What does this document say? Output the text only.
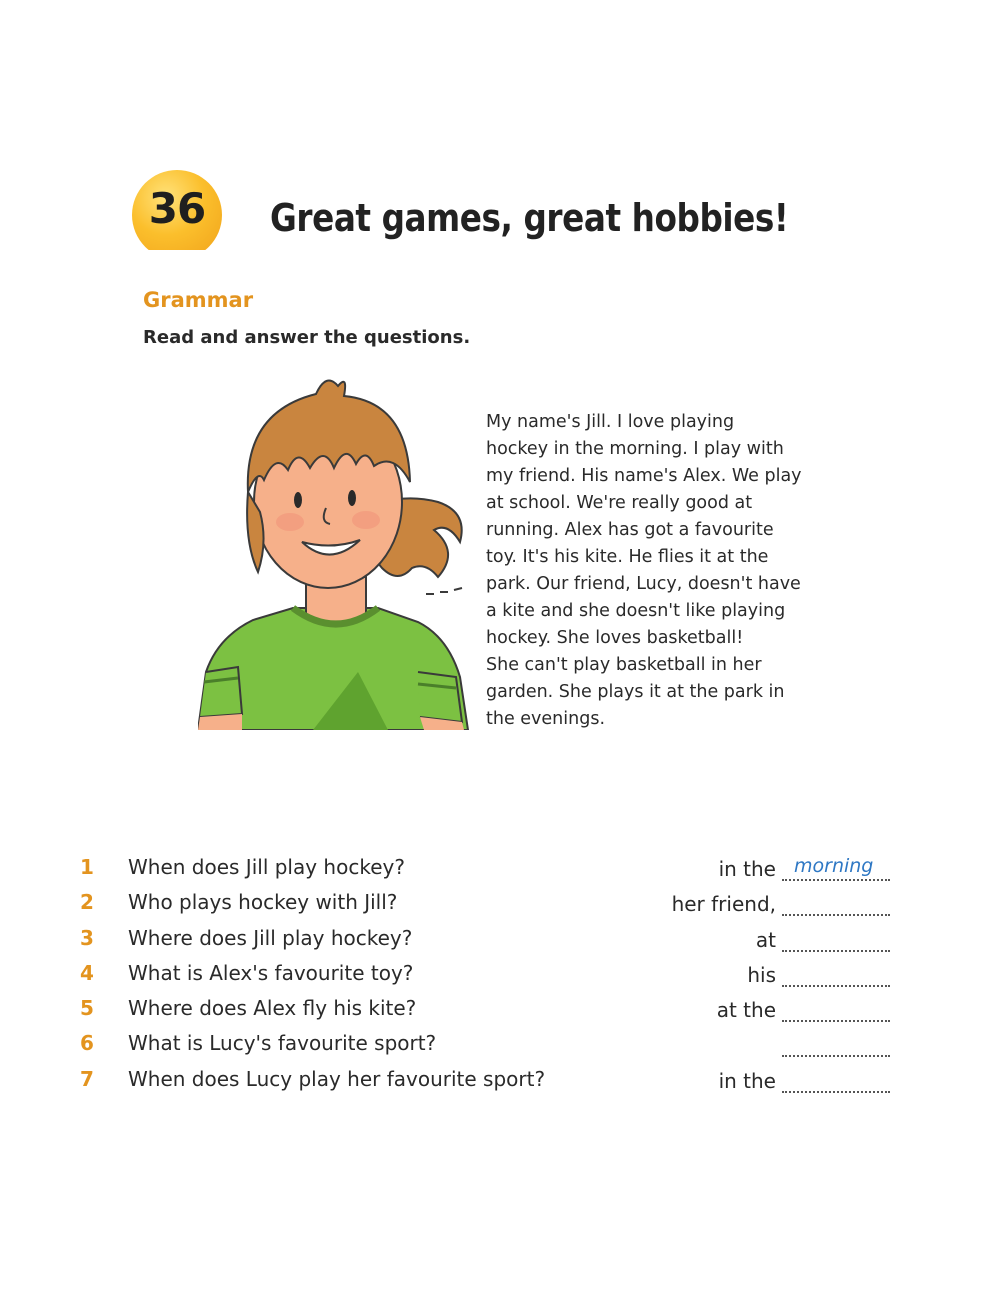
36	Great games, great hobbies!
Grammar
Read and answer the questions.
My name's Jill. I love playing
hockey in the morning. I play with
my friend. His name's Alex. We play
at school. We're really good at
running. Alex has got a favourite
toy. It's his kite. He flies it at the
park. Our friend, Lucy, doesn't have
a kite and she doesn't like playing
hockey. She loves basketball!
She can't play basketball in her
garden. She plays it at the park in
the evenings.
1	When does Jill play hockey?	in the morning
2	Who plays hockey with Jill?	her friend,
3	Where does Jill play hockey?	at
4	What is Alex's favourite toy?	his
5	Where does Alex fly his kite?	at the
6	What is Lucy's favourite sport?
7	When does Lucy play her favourite sport?	in the
